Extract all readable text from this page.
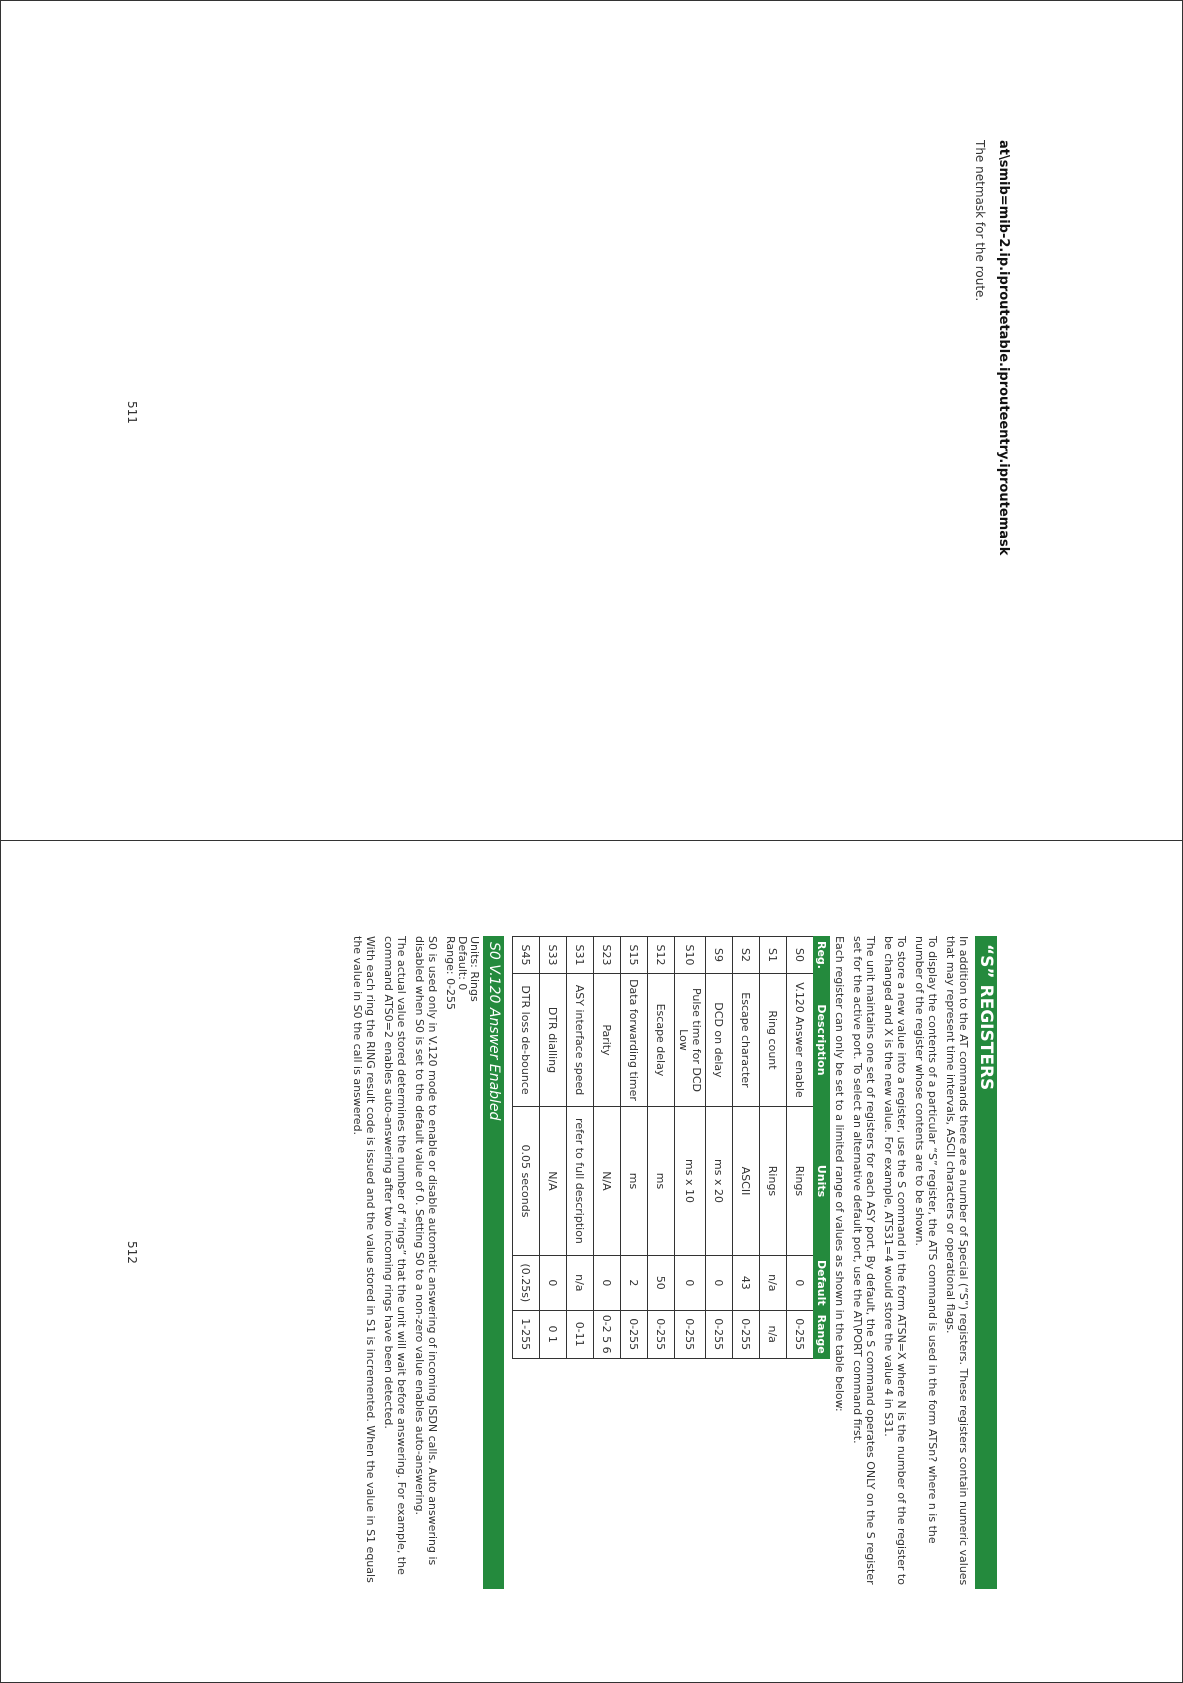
at\smib=mib-2.ip.iproutetable.iprouteentry.iproutemask
The netmask for the route.
511
“S” REGISTERS

In addition to the AT commands there are a number of Special (“S”) registers. These registers contain numeric values that may represent time intervals, ASCII characters or operational flags.

To display the contents of a particular “S” register, the ATS command is used in the form ATSn? where n is the number of the register whose contents are to be shown.

To store a new value into a register, use the S command in the form ATSN=X where N is the number of the register to be changed and X is the new value. For example, ATS31=4 would store the value 4 in S31.

The unit maintains one set of registers for each ASY port. By default, the S command operates ONLY on the S register set for the active port. To select an alternative default port, use the AT\PORT command first.

Each register can only be set to a limited range of values as shown in the table below:

Reg.	Description	Units	Default	Range
S0	V.120 Answer enable	Rings	0	0-255
S1	Ring count	Rings	n/a	n/a
S2	Escape character	ASCII	43	0-255
S9	DCD on delay	ms x 20	0	0-255
S10	Pulse time for DCD Low	ms x 10	0	0-255
S12	Escape delay	ms	50	0-255
S15	Data forwarding timer	ms	2	0-255
S23	Parity	N/A	0	0-2 5 6
S31	ASY interface speed	refer to full description	n/a	0-11
S33	DTR dialling	N/A	0	0 1
S45	DTR loss de-bounce	0.05 seconds	(0.25s)	1-255
S0 V.120 Answer Enabled
Units: Rings
Default: 0
Range: 0-255

S0 is used only in V.120 mode to enable or disable automatic answering of incoming ISDN calls. Auto answering is disabled when S0 is set to the default value of 0. Setting S0 to a non-zero value enables auto-answering.

The actual value stored determines the number of “rings” that the unit will wait before answering. For example, the command ATS0=2 enables auto-answering after two incoming rings have been detected.

With each ring the RING result code is issued and the value stored in S1 is incremented. When the value in S1 equals the value in S0 the call is answered.

512
